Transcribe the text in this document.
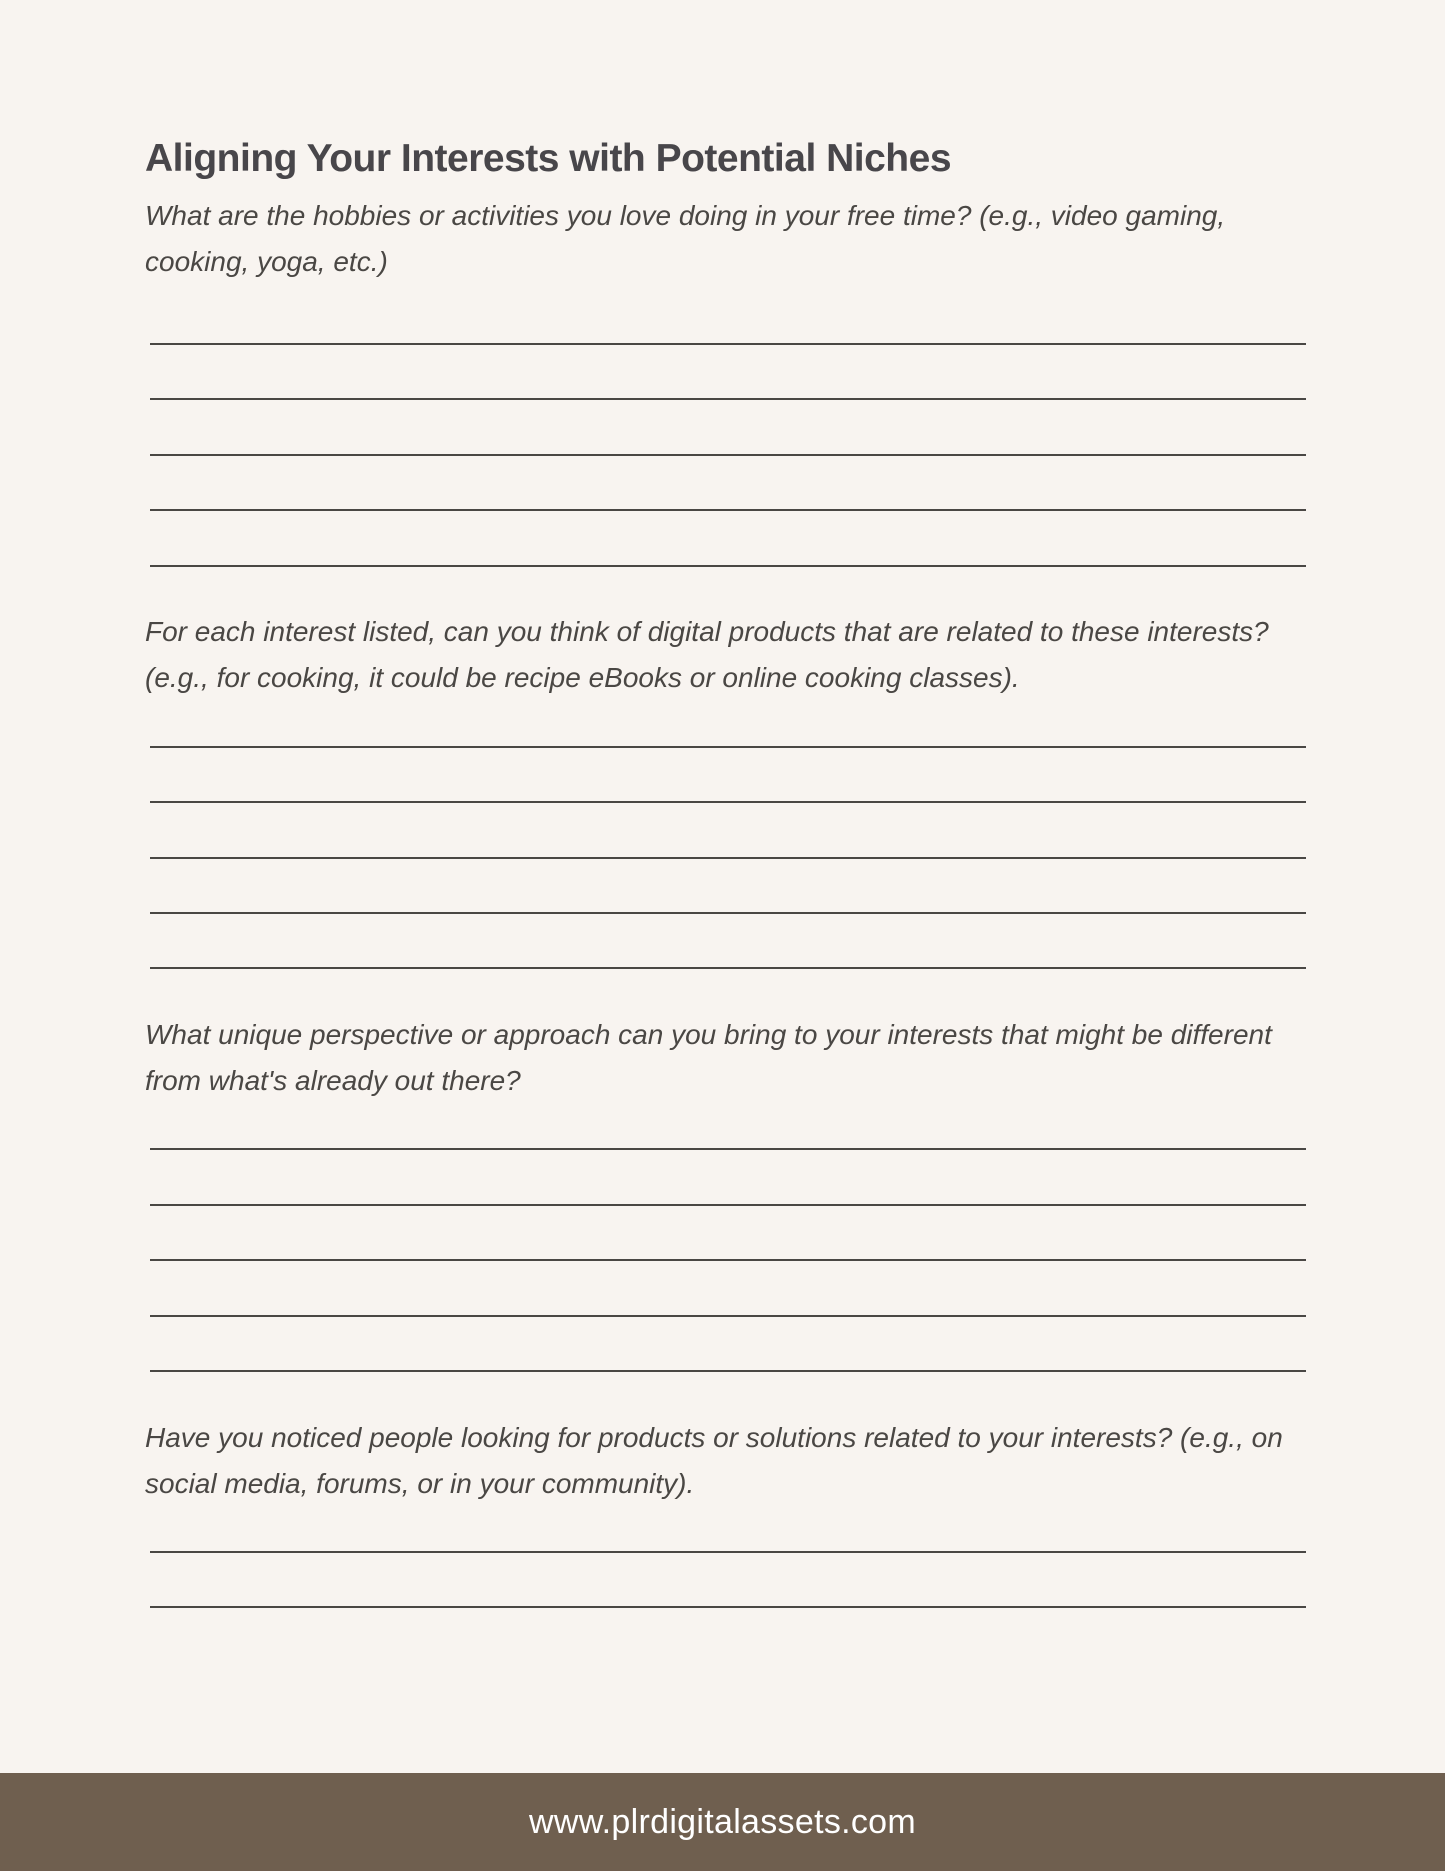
Aligning Your Interests with Potential Niches

What are the hobbies or activities you love doing in your free time? (e.g., video gaming, cooking, yoga, etc.)

For each interest listed, can you think of digital products that are related to these interests? (e.g., for cooking, it could be recipe eBooks or online cooking classes).

What unique perspective or approach can you bring to your interests that might be different from what's already out there?

Have you noticed people looking for products or solutions related to your interests? (e.g., on social media, forums, or in your community).

www.plrdigitalassets.com
